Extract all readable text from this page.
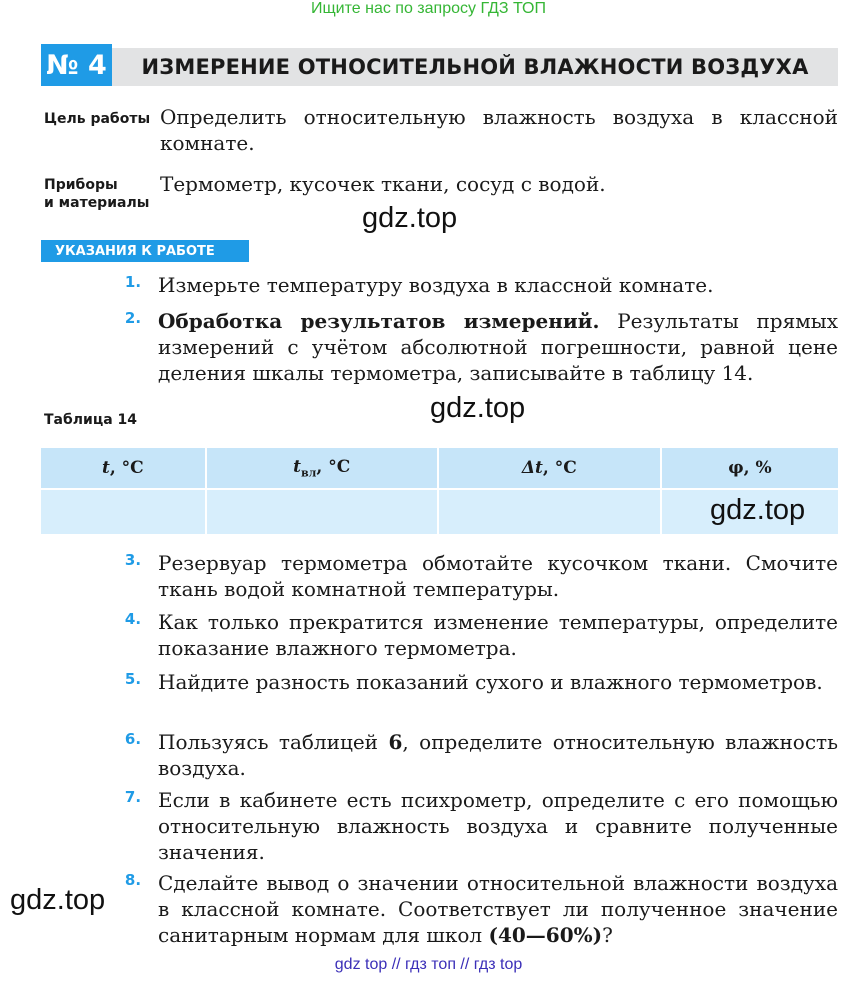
Ищите нас по запросу ГДЗ ТОП
№ 4	ИЗМЕРЕНИЕ ОТНОСИТЕЛЬНОЙ ВЛАЖНОСТИ ВОЗДУХА
Цель работы Определить относительную влажность воздуха в классной комнате.
Приборы
и материалы
Термометр, кусочек ткани, сосуд с водой.
gdz.top
УКАЗАНИЯ К РАБОТЕ
1. Измерьте температуру воздуха в классной комнате.
2. Обработка результатов измерений. Результаты прямых измерений с учётом абсолютной погрешности, равной цене деления шкалы термометра, записывайте в таблицу 14.
gdz.top
Таблица 14
t, °C	$t_{вл}$, °C	Δt, °C	φ, %

gdz.top
3. Резервуар термометра обмотайте кусочком ткани. Смочите ткань водой комнатной температуры.
4. Как только прекратится изменение температуры, определите показание влажного термометра.
5. Найдите разность показаний сухого и влажного термометров.
6. Пользуясь таблицей 6, определите относительную влажность воздуха.
7. Если в кабинете есть психрометр, определите с его помощью относительную влажность воздуха и сравните полученные значения.
8. Сделайте вывод о значении относительной влажности воздуха в классной комнате. Соответствует ли полученное значение санитарным нормам для школ (40—60%)?
gdz.top
gdz top // гдз топ // гдз top
